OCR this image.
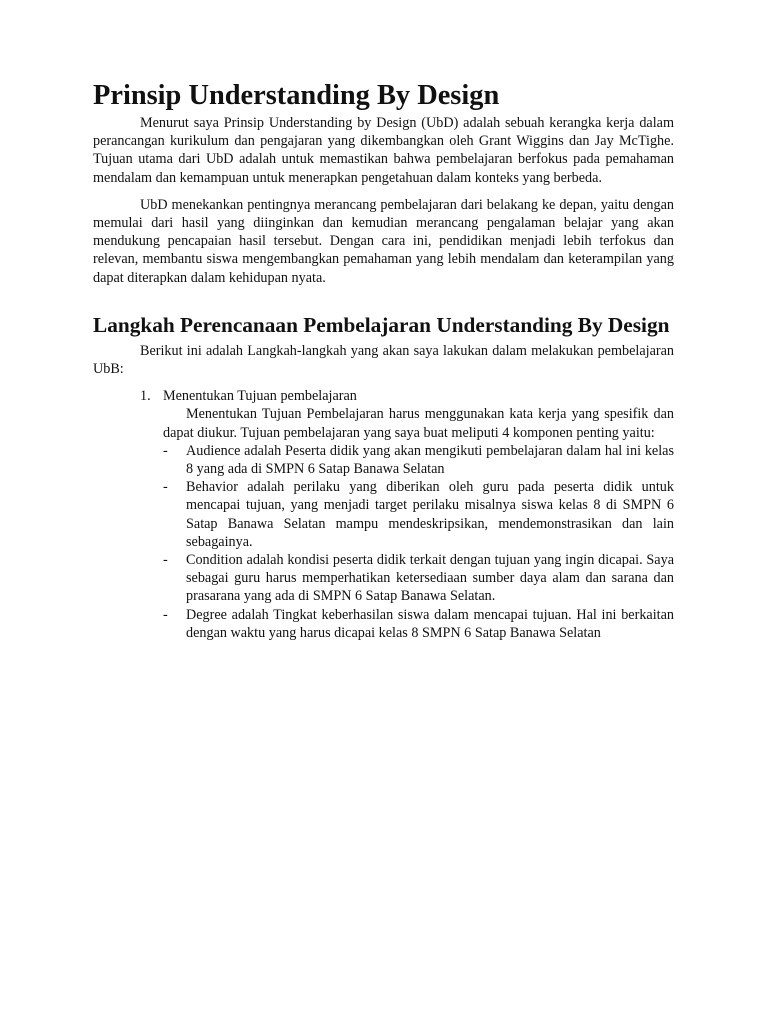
Prinsip Understanding By Design

Menurut saya Prinsip Understanding by Design (UbD) adalah sebuah kerangka kerja dalam perancangan kurikulum dan pengajaran yang dikembangkan oleh Grant Wiggins dan Jay McTighe. Tujuan utama dari UbD adalah untuk memastikan bahwa pembelajaran berfokus pada pemahaman mendalam dan kemampuan untuk menerapkan pengetahuan dalam konteks yang berbeda.

UbD menekankan pentingnya merancang pembelajaran dari belakang ke depan, yaitu dengan memulai dari hasil yang diinginkan dan kemudian merancang pengalaman belajar yang akan mendukung pencapaian hasil tersebut. Dengan cara ini, pendidikan menjadi lebih terfokus dan relevan, membantu siswa mengembangkan pemahaman yang lebih mendalam dan keterampilan yang dapat diterapkan dalam kehidupan nyata.

Langkah Perencanaan Pembelajaran Understanding By Design

Berikut ini adalah Langkah-langkah yang akan saya lakukan dalam melakukan pembelajaran UbB:

1. Menentukan Tujuan pembelajaran

Menentukan Tujuan Pembelajaran harus menggunakan kata kerja yang spesifik dan dapat diukur. Tujuan pembelajaran yang saya buat meliputi 4 komponen penting yaitu:

- Audience adalah Peserta didik yang akan mengikuti pembelajaran dalam hal ini kelas 8 yang ada di SMPN 6 Satap Banawa Selatan
- Behavior adalah perilaku yang diberikan oleh guru pada peserta didik untuk mencapai tujuan, yang menjadi target perilaku misalnya siswa kelas 8 di SMPN 6 Satap Banawa Selatan mampu mendeskripsikan, mendemonstrasikan dan lain sebagainya.
- Condition adalah kondisi peserta didik terkait dengan tujuan yang ingin dicapai. Saya sebagai guru harus memperhatikan ketersediaan sumber daya alam dan sarana dan prasarana yang ada di SMPN 6 Satap Banawa Selatan.
- Degree adalah Tingkat keberhasilan siswa dalam mencapai tujuan. Hal ini berkaitan dengan waktu yang harus dicapai kelas 8 SMPN 6 Satap Banawa Selatan
